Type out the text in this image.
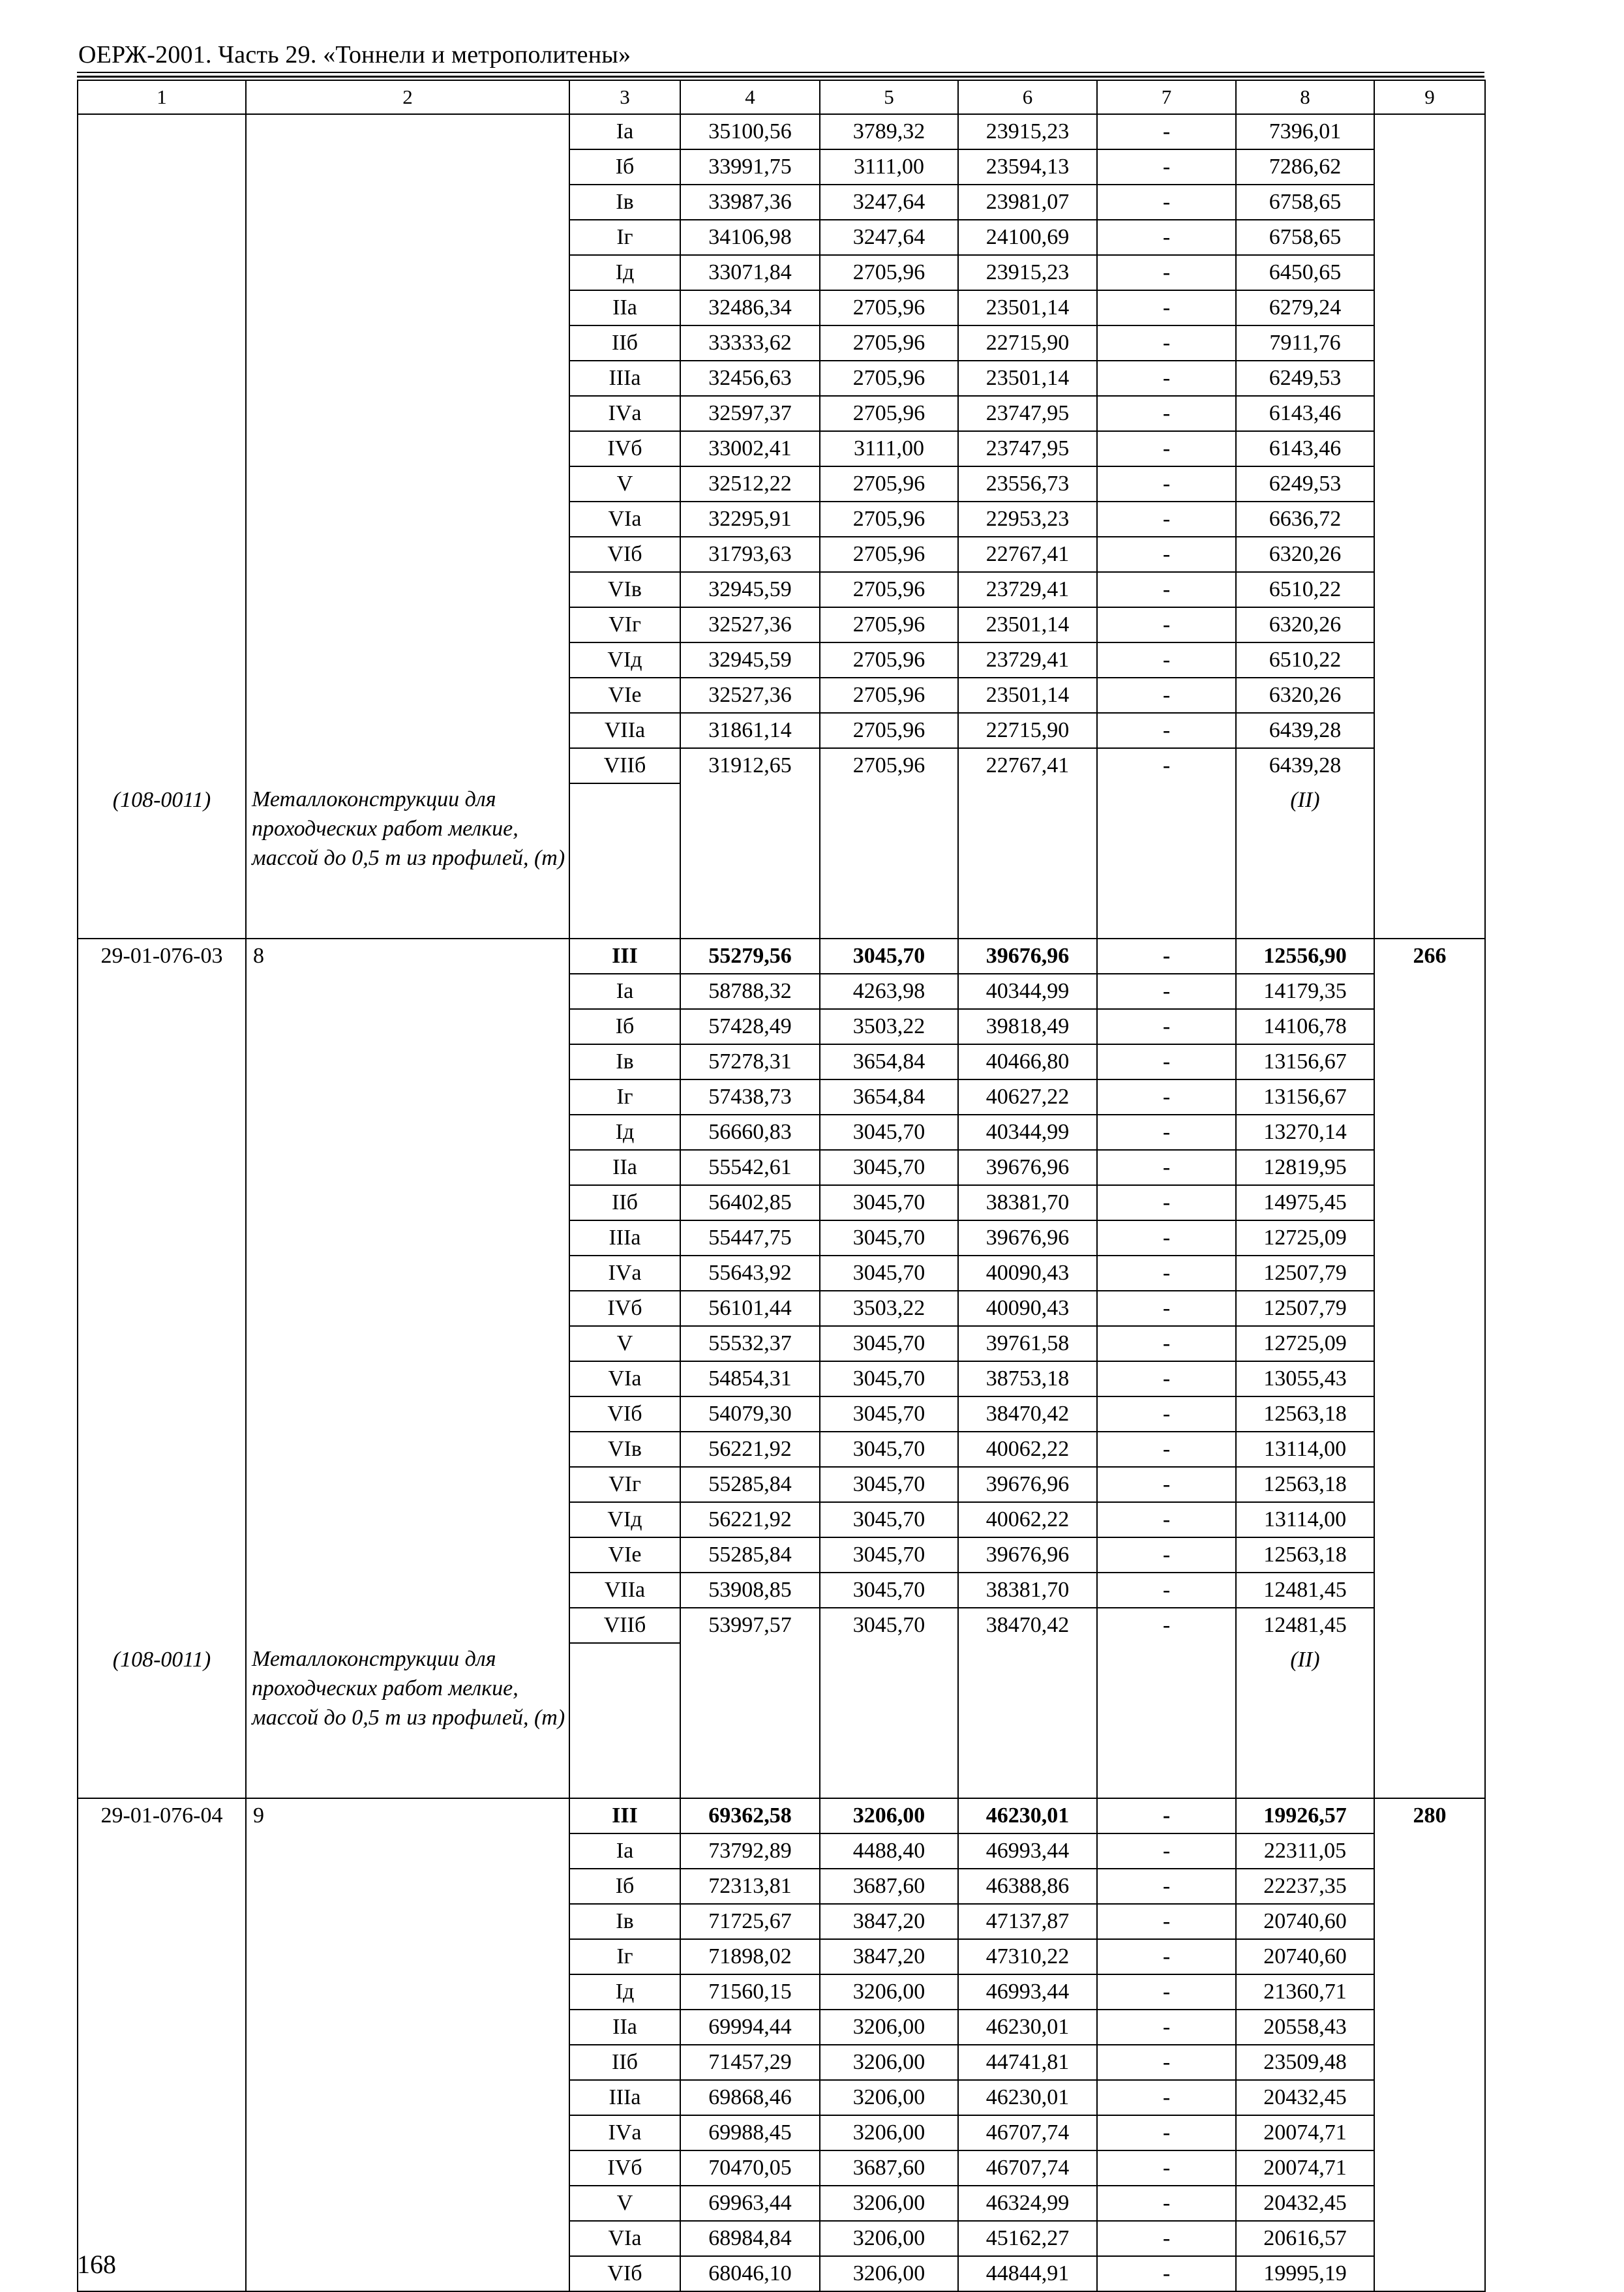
ОЕРЖ-2001. Часть 29. «Тоннели и метрополитены»
1	2	3	4	5	6	7	8	9
		Iа	35100,56	3789,32	23915,23	-	7396,01	
		Iб	33991,75	3111,00	23594,13	-	7286,62	
		Iв	33987,36	3247,64	23981,07	-	6758,65	
		Iг	34106,98	3247,64	24100,69	-	6758,65	
		Iд	33071,84	2705,96	23915,23	-	6450,65	
		IIа	32486,34	2705,96	23501,14	-	6279,24	
		IIб	33333,62	2705,96	22715,90	-	7911,76	
		IIIа	32456,63	2705,96	23501,14	-	6249,53	
		IVа	32597,37	2705,96	23747,95	-	6143,46	
		IVб	33002,41	3111,00	23747,95	-	6143,46	
		V	32512,22	2705,96	23556,73	-	6249,53	
		VIа	32295,91	2705,96	22953,23	-	6636,72	
		VIб	31793,63	2705,96	22767,41	-	6320,26	
		VIв	32945,59	2705,96	23729,41	-	6510,22	
		VIг	32527,36	2705,96	23501,14	-	6320,26	
		VIд	32945,59	2705,96	23729,41	-	6510,22	
		VIе	32527,36	2705,96	23501,14	-	6320,26	
		VIIа	31861,14	2705,96	22715,90	-	6439,28	
		VIIб	31912,65	2705,96	22767,41	-	6439,28	
(108-0011)	Металлоконструкции для проходческих работ мелкие, массой до 0,5 т из профилей, (т)						(II)	
29-01-076-03	8	III	55279,56	3045,70	39676,96	-	12556,90	266
		Iа	58788,32	4263,98	40344,99	-	14179,35	
		Iб	57428,49	3503,22	39818,49	-	14106,78	
		Iв	57278,31	3654,84	40466,80	-	13156,67	
		Iг	57438,73	3654,84	40627,22	-	13156,67	
		Iд	56660,83	3045,70	40344,99	-	13270,14	
		IIа	55542,61	3045,70	39676,96	-	12819,95	
		IIб	56402,85	3045,70	38381,70	-	14975,45	
		IIIа	55447,75	3045,70	39676,96	-	12725,09	
		IVа	55643,92	3045,70	40090,43	-	12507,79	
		IVб	56101,44	3503,22	40090,43	-	12507,79	
		V	55532,37	3045,70	39761,58	-	12725,09	
		VIа	54854,31	3045,70	38753,18	-	13055,43	
		VIб	54079,30	3045,70	38470,42	-	12563,18	
		VIв	56221,92	3045,70	40062,22	-	13114,00	
		VIг	55285,84	3045,70	39676,96	-	12563,18	
		VIд	56221,92	3045,70	40062,22	-	13114,00	
		VIе	55285,84	3045,70	39676,96	-	12563,18	
		VIIа	53908,85	3045,70	38381,70	-	12481,45	
		VIIб	53997,57	3045,70	38470,42	-	12481,45	
(108-0011)	Металлоконструкции для проходческих работ мелкие, массой до 0,5 т из профилей, (т)						(II)	
29-01-076-04	9	III	69362,58	3206,00	46230,01	-	19926,57	280
		Iа	73792,89	4488,40	46993,44	-	22311,05	
		Iб	72313,81	3687,60	46388,86	-	22237,35	
		Iв	71725,67	3847,20	47137,87	-	20740,60	
		Iг	71898,02	3847,20	47310,22	-	20740,60	
		Iд	71560,15	3206,00	46993,44	-	21360,71	
		IIа	69994,44	3206,00	46230,01	-	20558,43	
		IIб	71457,29	3206,00	44741,81	-	23509,48	
		IIIа	69868,46	3206,00	46230,01	-	20432,45	
		IVа	69988,45	3206,00	46707,74	-	20074,71	
		IVб	70470,05	3687,60	46707,74	-	20074,71	
		V	69963,44	3206,00	46324,99	-	20432,45	
		VIа	68984,84	3206,00	45162,27	-	20616,57	
		VIб	68046,10	3206,00	44844,91	-	19995,19	
168
